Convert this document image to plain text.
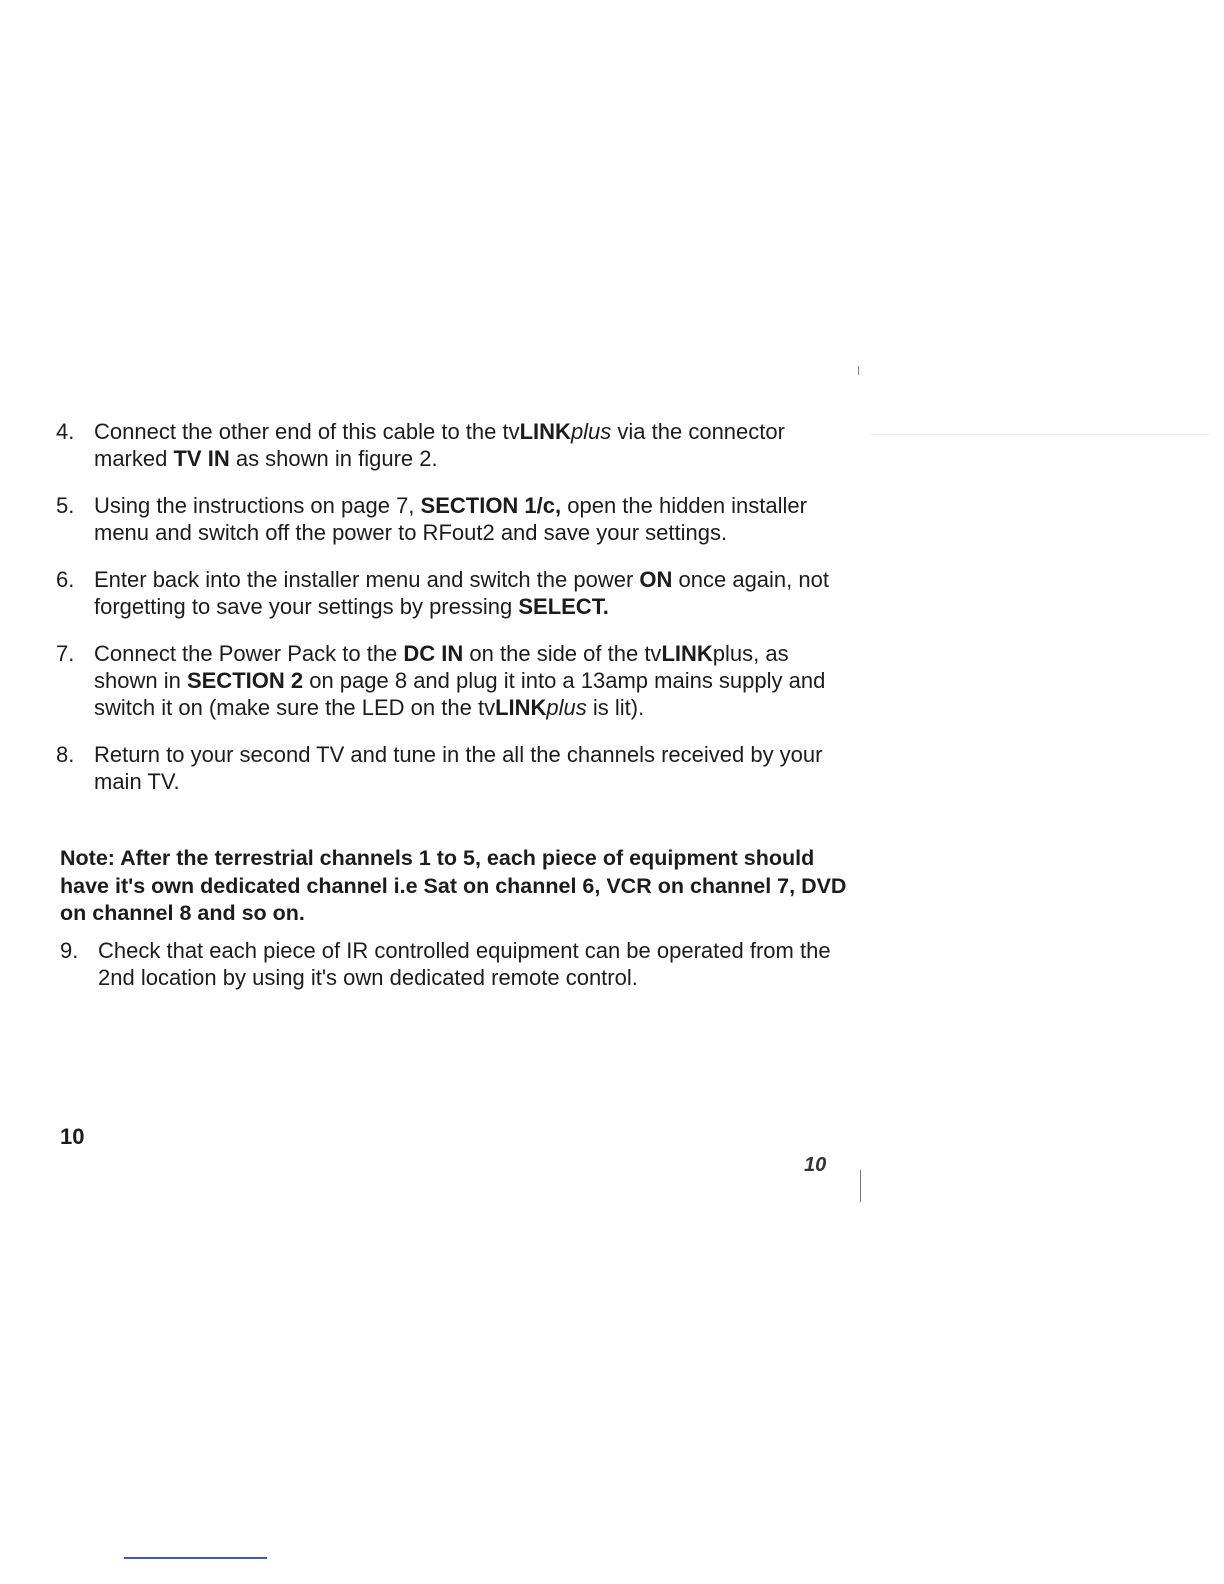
4. Connect the other end of this cable to the tvLINKplus via the connector marked TV IN as shown in figure 2.
5. Using the instructions on page 7, SECTION 1/c, open the hidden installer menu and switch off the power to RFout2 and save your settings.
6. Enter back into the installer menu and switch the power ON once again, not forgetting to save your settings by pressing SELECT.
7. Connect the Power Pack to the DC IN on the side of the tvLINKplus, as shown in SECTION 2 on page 8 and plug it into a 13amp mains supply and switch it on (make sure the LED on the tvLINKplus is lit).
8. Return to your second TV and tune in the all the channels received by your main TV.
Note: After the terrestrial channels 1 to 5, each piece of equipment should have it's own dedicated channel i.e Sat on channel 6, VCR on channel 7, DVD on channel 8 and so on.
9. Check that each piece of IR controlled equipment can be operated from the 2nd location by using it's own dedicated remote control.
10
10
